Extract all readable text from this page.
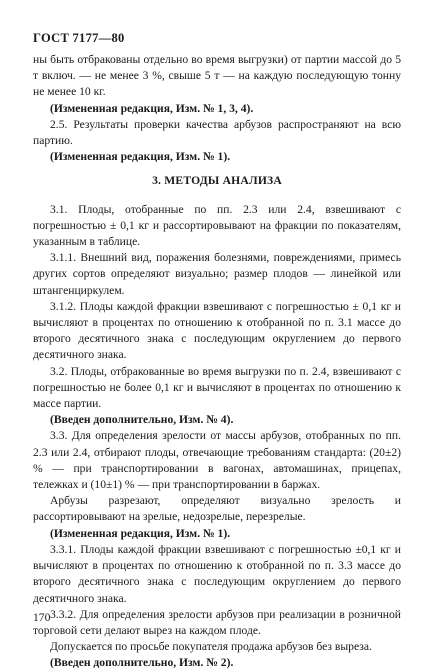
ГОСТ 7177—80

ны быть отбракованы отдельно во время выгрузки) от партии массой до 5 т включ. — не менее 3 %, свыше 5 т — на каждую последующую тонну не менее 10 кг.

(Измененная редакция, Изм. № 1, 3, 4).

2.5. Результаты проверки качества арбузов распространяют на всю партию.

(Измененная редакция, Изм. № 1).

3. МЕТОДЫ АНАЛИЗА

3.1. Плоды, отобранные по пп. 2.3 или 2.4, взвешивают с погрешностью ± 0,1 кг и рассортировывают на фракции по показателям, указанным в таблице.

3.1.1. Внешний вид, поражения болезнями, повреждениями, примесь других сортов определяют визуально; размер плодов — линейкой или штангенциркулем.

3.1.2. Плоды каждой фракции взвешивают с погрешностью ± 0,1 кг и вычисляют в процентах по отношению к отобранной по п. 3.1 массе до второго десятичного знака с последующим округлением до первого десятичного знака.

3.2. Плоды, отбракованные во время выгрузки по п. 2.4, взвешивают с погрешностью не более 0,1 кг и вычисляют в процентах по отношению к массе партии.

(Введен дополнительно, Изм. № 4).

3.3. Для определения зрелости от массы арбузов, отобранных по пп. 2.3 или 2.4, отбирают плоды, отвечающие требованиям стандарта: (20±2) % — при транспортировании в вагонах, автомашинах, прицепах, тележках и (10±1) % — при транспортировании в баржах.

Арбузы разрезают, определяют визуально зрелость и рассортировывают на зрелые, недозрелые, перезрелые.

(Измененная редакция, Изм. № 1).

3.3.1. Плоды каждой фракции взвешивают с погрешностью ±0,1 кг и вычисляют в процентах по отношению к отобранной по п. 3.3 массе до второго десятичного знака с последующим округлением до первого десятичного знака.

3.3.2. Для определения зрелости арбузов при реализации в розничной торговой сети делают вырез на каждом плоде.

Допускается по просьбе покупателя продажа арбузов без выреза.

(Введен дополнительно, Изм. № 2).

170
